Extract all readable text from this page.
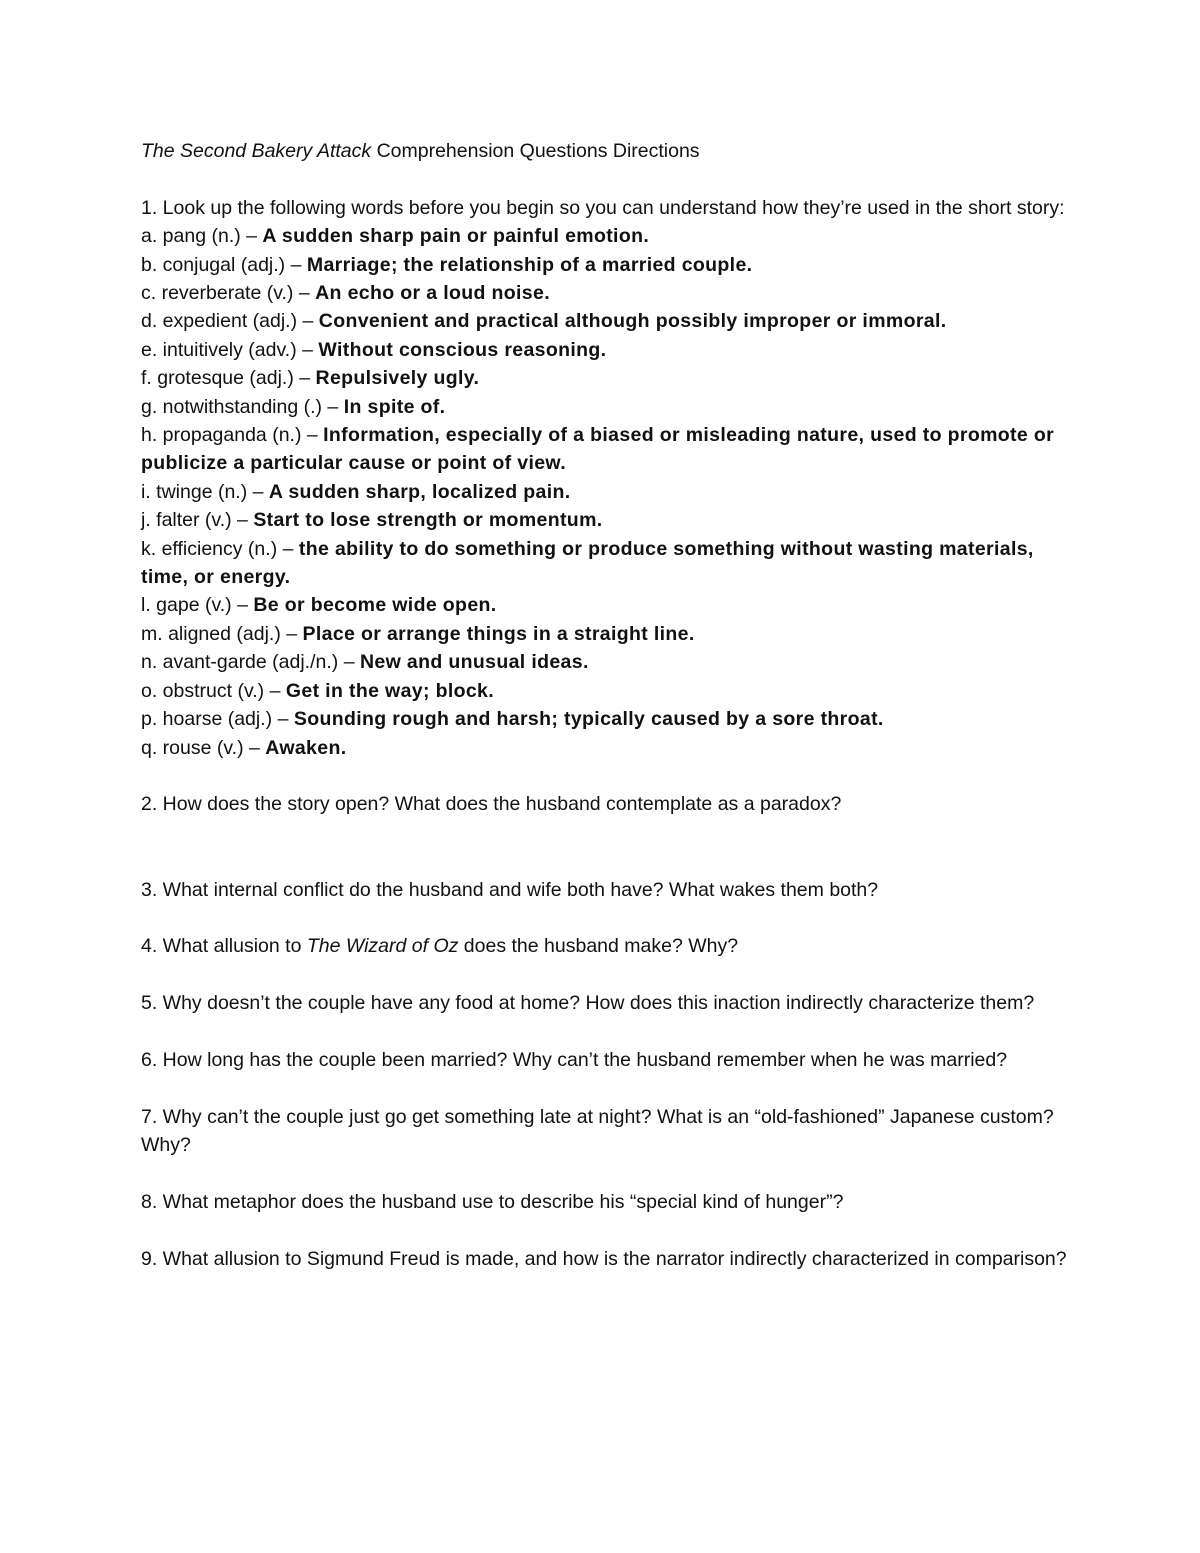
The Second Bakery Attack Comprehension Questions Directions

1. Look up the following words before you begin so you can understand how they’re used in the short story:

a. pang (n.) – A sudden sharp pain or painful emotion.
b. conjugal (adj.) – Marriage; the relationship of a married couple.
c. reverberate (v.) – An echo or a loud noise.
d. expedient (adj.) – Convenient and practical although possibly improper or immoral.
e. intuitively (adv.) – Without conscious reasoning.
f. grotesque (adj.) – Repulsively ugly.
g. notwithstanding (.) – In spite of.
h. propaganda (n.) – Information, especially of a biased or misleading nature, used to promote or publicize a particular cause or point of view.
i. twinge (n.) – A sudden sharp, localized pain.
j. falter (v.) – Start to lose strength or momentum.
k. efficiency (n.) – the ability to do something or produce something without wasting materials, time, or energy.
l. gape (v.) – Be or become wide open.
m. aligned (adj.) – Place or arrange things in a straight line.
n. avant-garde (adj./n.) – New and unusual ideas.
o. obstruct (v.) – Get in the way; block.
p. hoarse (adj.) – Sounding rough and harsh; typically caused by a sore throat.
q. rouse (v.) – Awaken.

2. How does the story open? What does the husband contemplate as a paradox?

3. What internal conflict do the husband and wife both have? What wakes them both?

4. What allusion to The Wizard of Oz does the husband make? Why?

5. Why doesn’t the couple have any food at home? How does this inaction indirectly characterize them?

6. How long has the couple been married? Why can’t the husband remember when he was married?

7. Why can’t the couple just go get something late at night? What is an “old-fashioned” Japanese custom? Why?

8. What metaphor does the husband use to describe his “special kind of hunger”?

9. What allusion to Sigmund Freud is made, and how is the narrator indirectly characterized in comparison?
